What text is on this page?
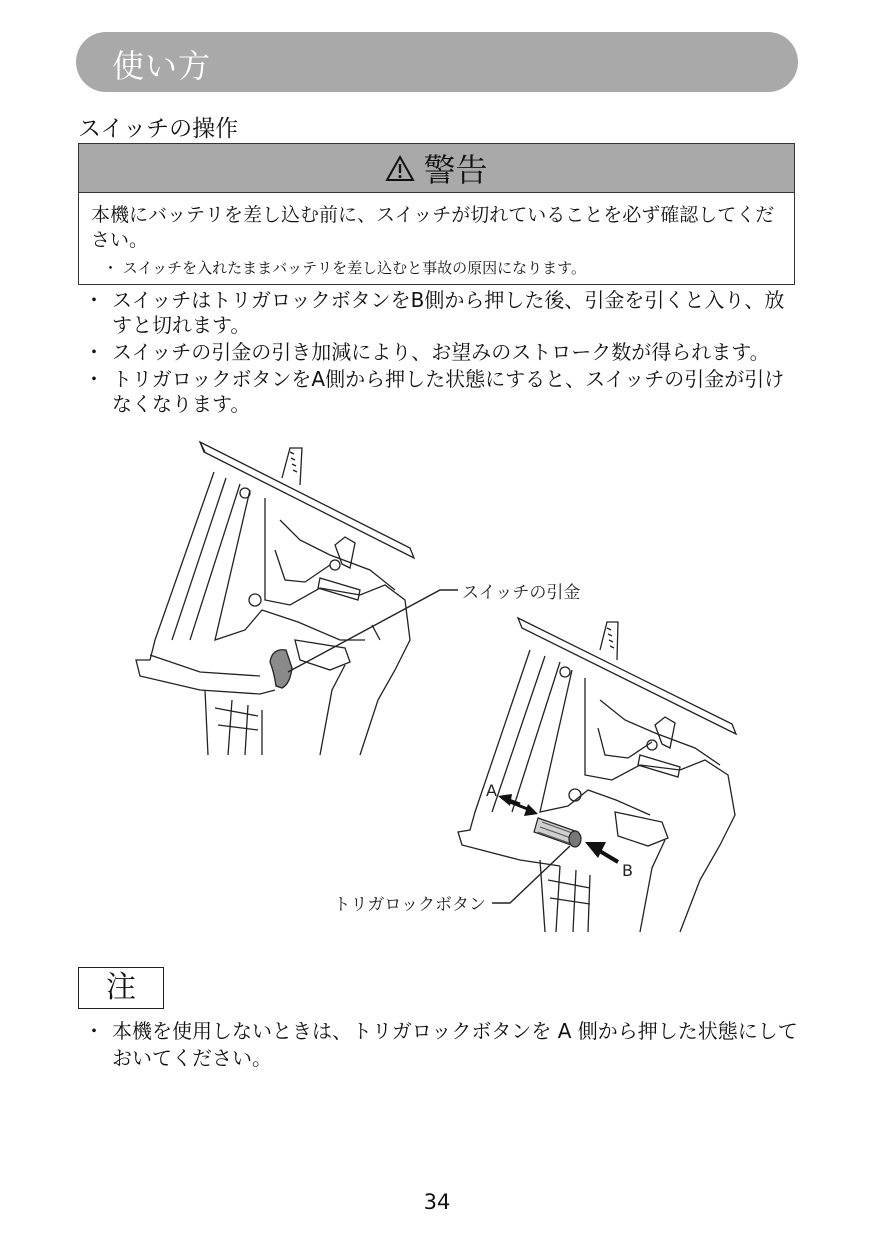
使い方
スイッチの操作
警告
本機にバッテリを差し込む前に、スイッチが切れていることを必ず確認してください。
・ スイッチを入れたままバッテリを差し込むと事故の原因になります。
・ スイッチはトリガロックボタンをB側から押した後、引金を引くと入り、放すと切れます。
・ スイッチの引金の引き加減により、お望みのストローク数が得られます。
・ トリガロックボタンをA側から押した状態にすると、スイッチの引金が引けなくなります。
スイッチの引金
A
B
トリガロックボタン
注
・ 本機を使用しないときは、トリガロックボタンを A 側から押した状態にしておいてください。
34
